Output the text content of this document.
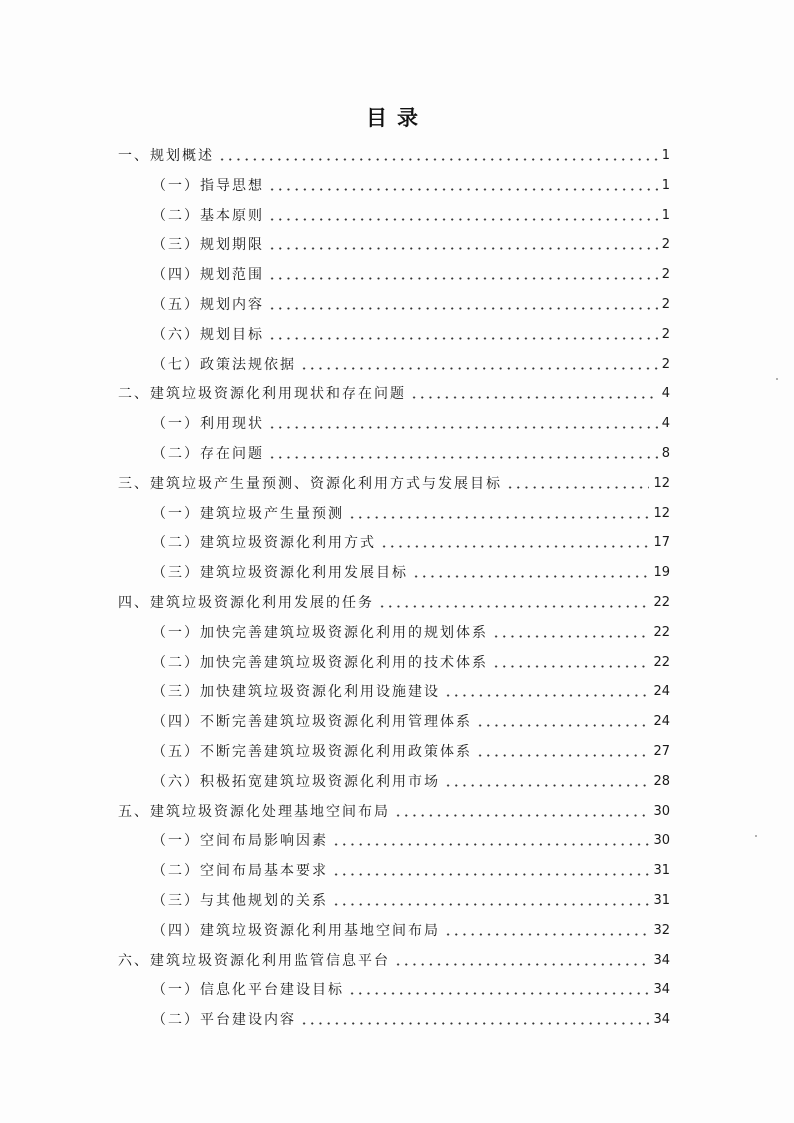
目录
一、规划概述	1
（一）指导思想	1
（二）基本原则	1
（三）规划期限	2
（四）规划范围	2
（五）规划内容	2
（六）规划目标	2
（七）政策法规依据	2
二、建筑垃圾资源化利用现状和存在问题	4
（一）利用现状	4
（二）存在问题	8
三、建筑垃圾产生量预测、资源化利用方式与发展目标	12
（一）建筑垃圾产生量预测	12
（二）建筑垃圾资源化利用方式	17
（三）建筑垃圾资源化利用发展目标	19
四、建筑垃圾资源化利用发展的任务	22
（一）加快完善建筑垃圾资源化利用的规划体系	22
（二）加快完善建筑垃圾资源化利用的技术体系	22
（三）加快建筑垃圾资源化利用设施建设	24
（四）不断完善建筑垃圾资源化利用管理体系	24
（五）不断完善建筑垃圾资源化利用政策体系	27
（六）积极拓宽建筑垃圾资源化利用市场	28
五、建筑垃圾资源化处理基地空间布局	30
（一）空间布局影响因素	30
（二）空间布局基本要求	31
（三）与其他规划的关系	31
（四）建筑垃圾资源化利用基地空间布局	32
六、建筑垃圾资源化利用监管信息平台	34
（一）信息化平台建设目标	34
（二）平台建设内容	34
